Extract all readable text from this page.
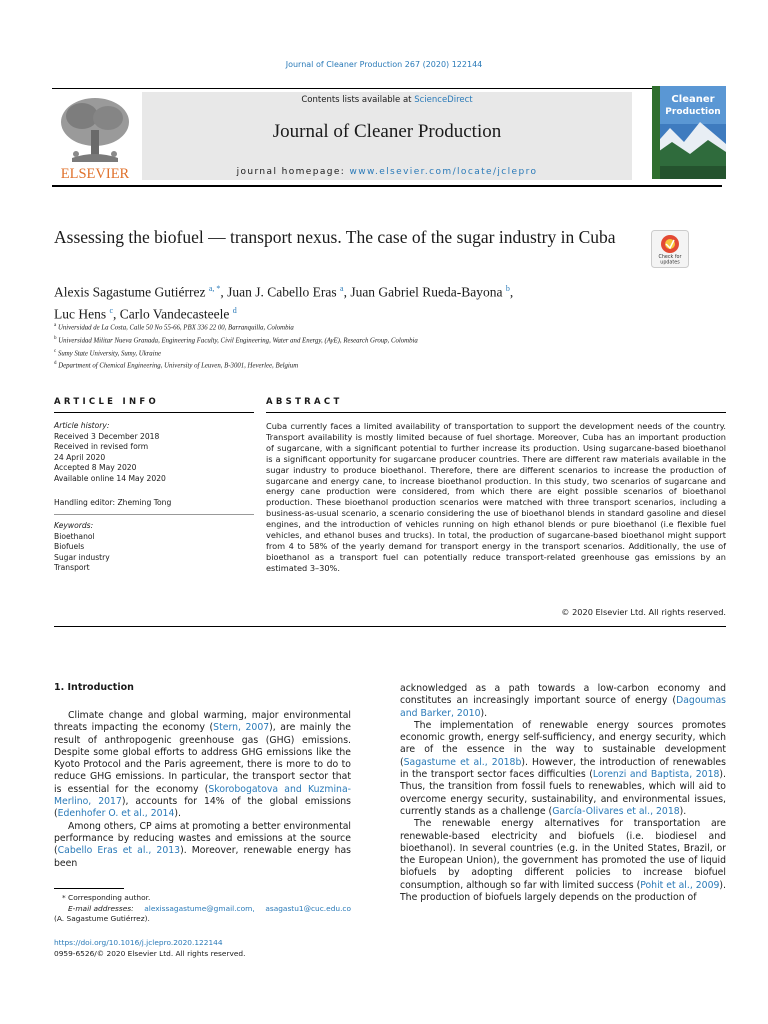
Journal of Cleaner Production 267 (2020) 122144
Contents lists available at ScienceDirect
Journal of Cleaner Production
journal homepage: www.elsevier.com/locate/jclepro
ELSEVIER
Cleaner
Production
Assessing the biofuel — transport nexus. The case of the sugar industry in Cuba
Check for
updates
Alexis Sagastume Gutiérrez $^{a, *}$, Juan J. Cabello Eras $^a$, Juan Gabriel Rueda-Bayona $^b$,
Luc Hens $^c$, Carlo Vandecasteele $^d$
$^a$ Universidad de La Costa, Calle 50 No 55-66, PBX 336 22 00, Barranquilla, Colombia
$^b$ Universidad Militar Nueva Granada, Engineering Faculty, Civil Engineering, Water and Energy, (AyE), Research Group, Colombia
$^c$ Sumy State University, Sumy, Ukraine
$^d$ Department of Chemical Engineering, University of Leuven, B-3001, Heverlee, Belgium
ARTICLE INFO	ABSTRACT
Article history:
Received 3 December 2018
Received in revised form
24 April 2020
Accepted 8 May 2020
Available online 14 May 2020
Handling editor: Zheming Tong
Keywords:
Bioethanol
Biofuels
Sugar industry
Transport
Cuba currently faces a limited availability of transportation to support the development needs of the country. Transport availability is mostly limited because of fuel shortage. Moreover, Cuba has an important production of sugarcane, with a significant potential to further increase its production. Using sugarcane-based bioethanol is a significant opportunity for sugarcane producer countries. There are different raw materials available in the sugar industry to produce bioethanol. Therefore, there are different scenarios to increase the production of sugarcane and energy cane, to increase bioethanol production. In this study, two scenarios of sugarcane and energy cane production were considered, from which there are eight possible scenarios of bioethanol production. These bioethanol production scenarios were matched with three transport scenarios, including a business-as-usual scenario, a scenario considering the use of bioethanol blends in standard gasoline and diesel engines, and the introduction of vehicles running on high ethanol blends or pure bioethanol (i.e flexible fuel vehicles, and ethanol buses and trucks). In total, the production of sugarcane-based bioethanol might support from 4 to 58% of the yearly demand for transport energy in the transport scenarios. Additionally, the use of bioethanol as a transport fuel can potentially reduce transport-related greenhouse gas emissions by an estimated 3–30%.
© 2020 Elsevier Ltd. All rights reserved.
1. Introduction

Climate change and global warming, major environmental threats impacting the economy (Stern, 2007), are mainly the result of anthropogenic greenhouse gas (GHG) emissions. Despite some global efforts to address GHG emissions like the Kyoto Protocol and the Paris agreement, there is more to do to reduce GHG emissions. In particular, the transport sector that is essential for the economy (Skorobogatova and Kuzmina-Merlino, 2017), accounts for 14% of the global emissions (Edenhofer O. et al., 2014).

Among others, CP aims at promoting a better environmental performance by reducing wastes and emissions at the source (Cabello Eras et al., 2013). Moreover, renewable energy has been

acknowledged as a path towards a low-carbon economy and constitutes an increasingly important source of energy (Dagoumas and Barker, 2010).

The implementation of renewable energy sources promotes economic growth, energy self-sufficiency, and energy security, which are of the essence in the way to sustainable development (Sagastume et al., 2018b). However, the introduction of renewables in the transport sector faces difficulties (Lorenzi and Baptista, 2018). Thus, the transition from fossil fuels to renewables, which will aid to overcome energy security, sustainability, and environmental issues, currently stands as a challenge (García-Olivares et al., 2018).

The renewable energy alternatives for transportation are renewable-based electricity and biofuels (i.e. biodiesel and bioethanol). In several countries (e.g. in the United States, Brazil, or the European Union), the government has promoted the use of liquid biofuels by adopting different policies to increase biofuel consumption, although so far with limited success (Pohit et al., 2009). The production of biofuels largely depends on the production of

* Corresponding author.
E-mail addresses: alexissagastume@gmail.com, asagastu1@cuc.edu.co
(A. Sagastume Gutiérrez).
https://doi.org/10.1016/j.jclepro.2020.122144
0959-6526/© 2020 Elsevier Ltd. All rights reserved.
